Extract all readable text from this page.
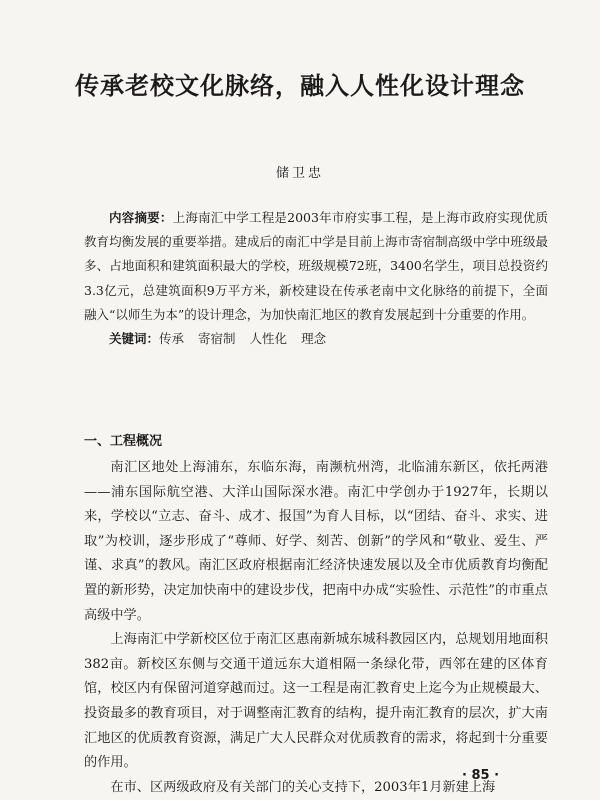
传承老校文化脉络，融入人性化设计理念
储卫忠

内容摘要：上海南汇中学工程是2003年市府实事工程，是上海市政府实现优质教育均衡发展的重要举措。建成后的南汇中学是目前上海市寄宿制高级中学中班级最多、占地面积和建筑面积最大的学校，班级规模72班，3400名学生，项目总投资约3.3亿元，总建筑面积9万平方米，新校建设在传承老南中文化脉络的前提下，全面融入“以师生为本”的设计理念，为加快南汇地区的教育发展起到十分重要的作用。

关键词：传承 寄宿制 人性化 理念

一、工程概况

南汇区地处上海浦东，东临东海，南濒杭州湾，北临浦东新区，依托两港——浦东国际航空港、大洋山国际深水港。南汇中学创办于1927年，长期以来，学校以“立志、奋斗、成才、报国”为育人目标，以“团结、奋斗、求实、进取”为校训，逐步形成了“尊师、好学、刻苦、创新”的学风和“敬业、爱生、严谨、求真”的教风。南汇区政府根据南汇经济快速发展以及全市优质教育均衡配置的新形势，决定加快南中的建设步伐，把南中办成“实验性、示范性”的市重点高级中学。

上海南汇中学新校区位于南汇区惠南新城东城科教园区内，总规划用地面积382亩。新校区东侧与交通干道远东大道相隔一条绿化带，西邻在建的区体育馆，校区内有保留河道穿越而过。这一工程是南汇教育史上迄今为止规模最大、投资最多的教育项目，对于调整南汇教育的结构，提升南汇教育的层次，扩大南汇地区的优质教育资源，满足广大人民群众对优质教育的需求，将起到十分重要的作用。

在市、区两级政府及有关部门的关心支持下，2003年1月新建上海

· 85 ·
